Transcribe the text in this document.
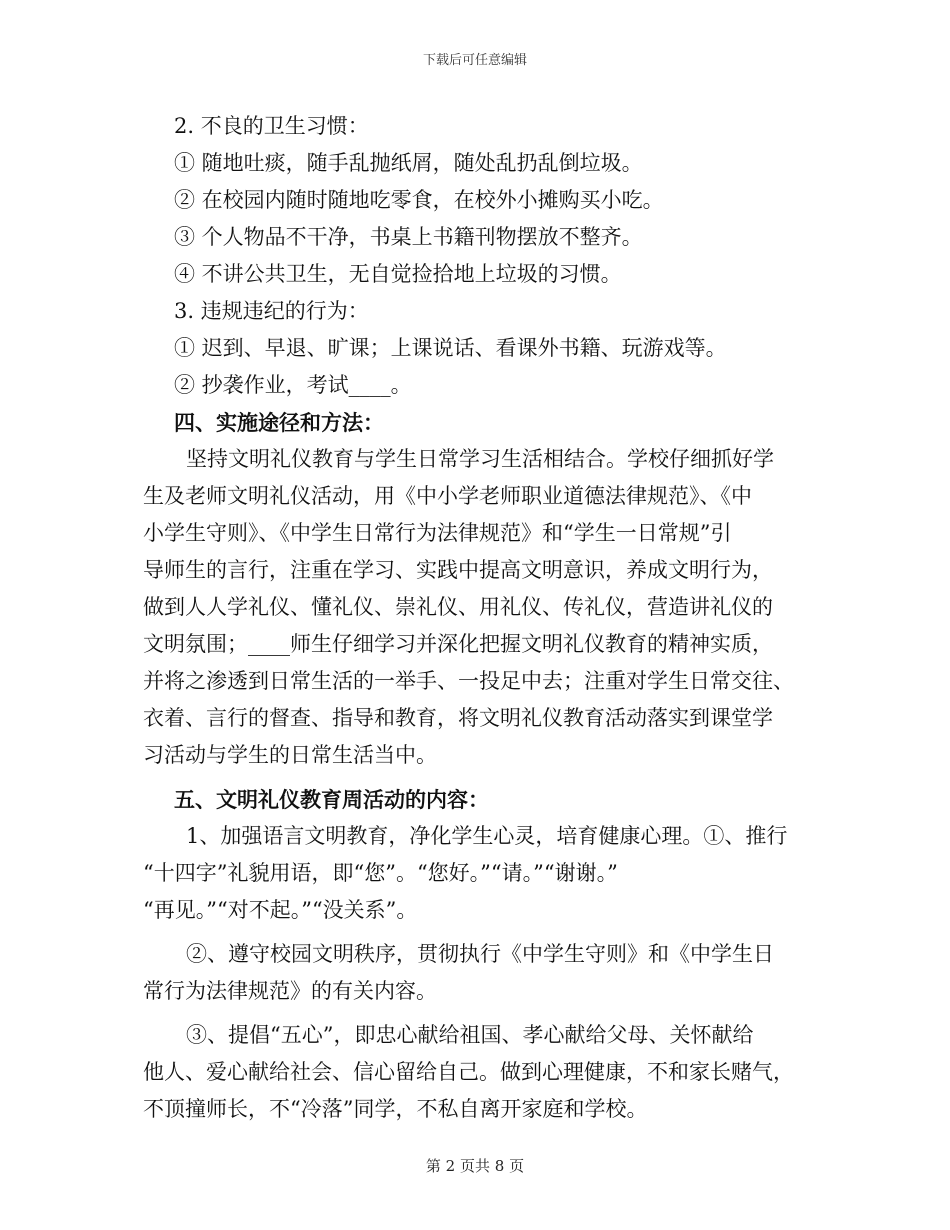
下载后可任意编辑

2. 不良的卫生习惯：

① 随地吐痰，随手乱抛纸屑，随处乱扔乱倒垃圾。

② 在校园内随时随地吃零食，在校外小摊购买小吃。

③ 个人物品不干净，书桌上书籍刊物摆放不整齐。

④ 不讲公共卫生，无自觉捡拾地上垃圾的习惯。

3. 违规违纪的行为：

① 迟到、早退、旷课；上课说话、看课外书籍、玩游戏等。

② 抄袭作业，考试____。

四、实施途径和方法：

坚持文明礼仪教育与学生日常学习生活相结合。学校仔细抓好学

生及老师文明礼仪活动，用《中小学老师职业道德法律规范》、《中

小学生守则》、《中学生日常行为法律规范》和“学生一日常规”引

导师生的言行，注重在学习、实践中提高文明意识，养成文明行为，

做到人人学礼仪、懂礼仪、崇礼仪、用礼仪、传礼仪，营造讲礼仪的

文明氛围；____师生仔细学习并深化把握文明礼仪教育的精神实质，

并将之渗透到日常生活的一举手、一投足中去；注重对学生日常交往、

衣着、言行的督查、指导和教育，将文明礼仪教育活动落实到课堂学

习活动与学生的日常生活当中。

五、文明礼仪教育周活动的内容：

1、加强语言文明教育，净化学生心灵，培育健康心理。①、推行

“十四字”礼貌用语，即“您”。“您好。”“请。”“谢谢。”

“再见。”“对不起。”“没关系”。

②、遵守校园文明秩序，贯彻执行《中学生守则》和《中学生日

常行为法律规范》的有关内容。

③、提倡“五心”，即忠心献给祖国、孝心献给父母、关怀献给

他人、爱心献给社会、信心留给自己。做到心理健康，不和家长赌气，

不顶撞师长，不“冷落”同学，不私自离开家庭和学校。

第 2 页共 8 页
